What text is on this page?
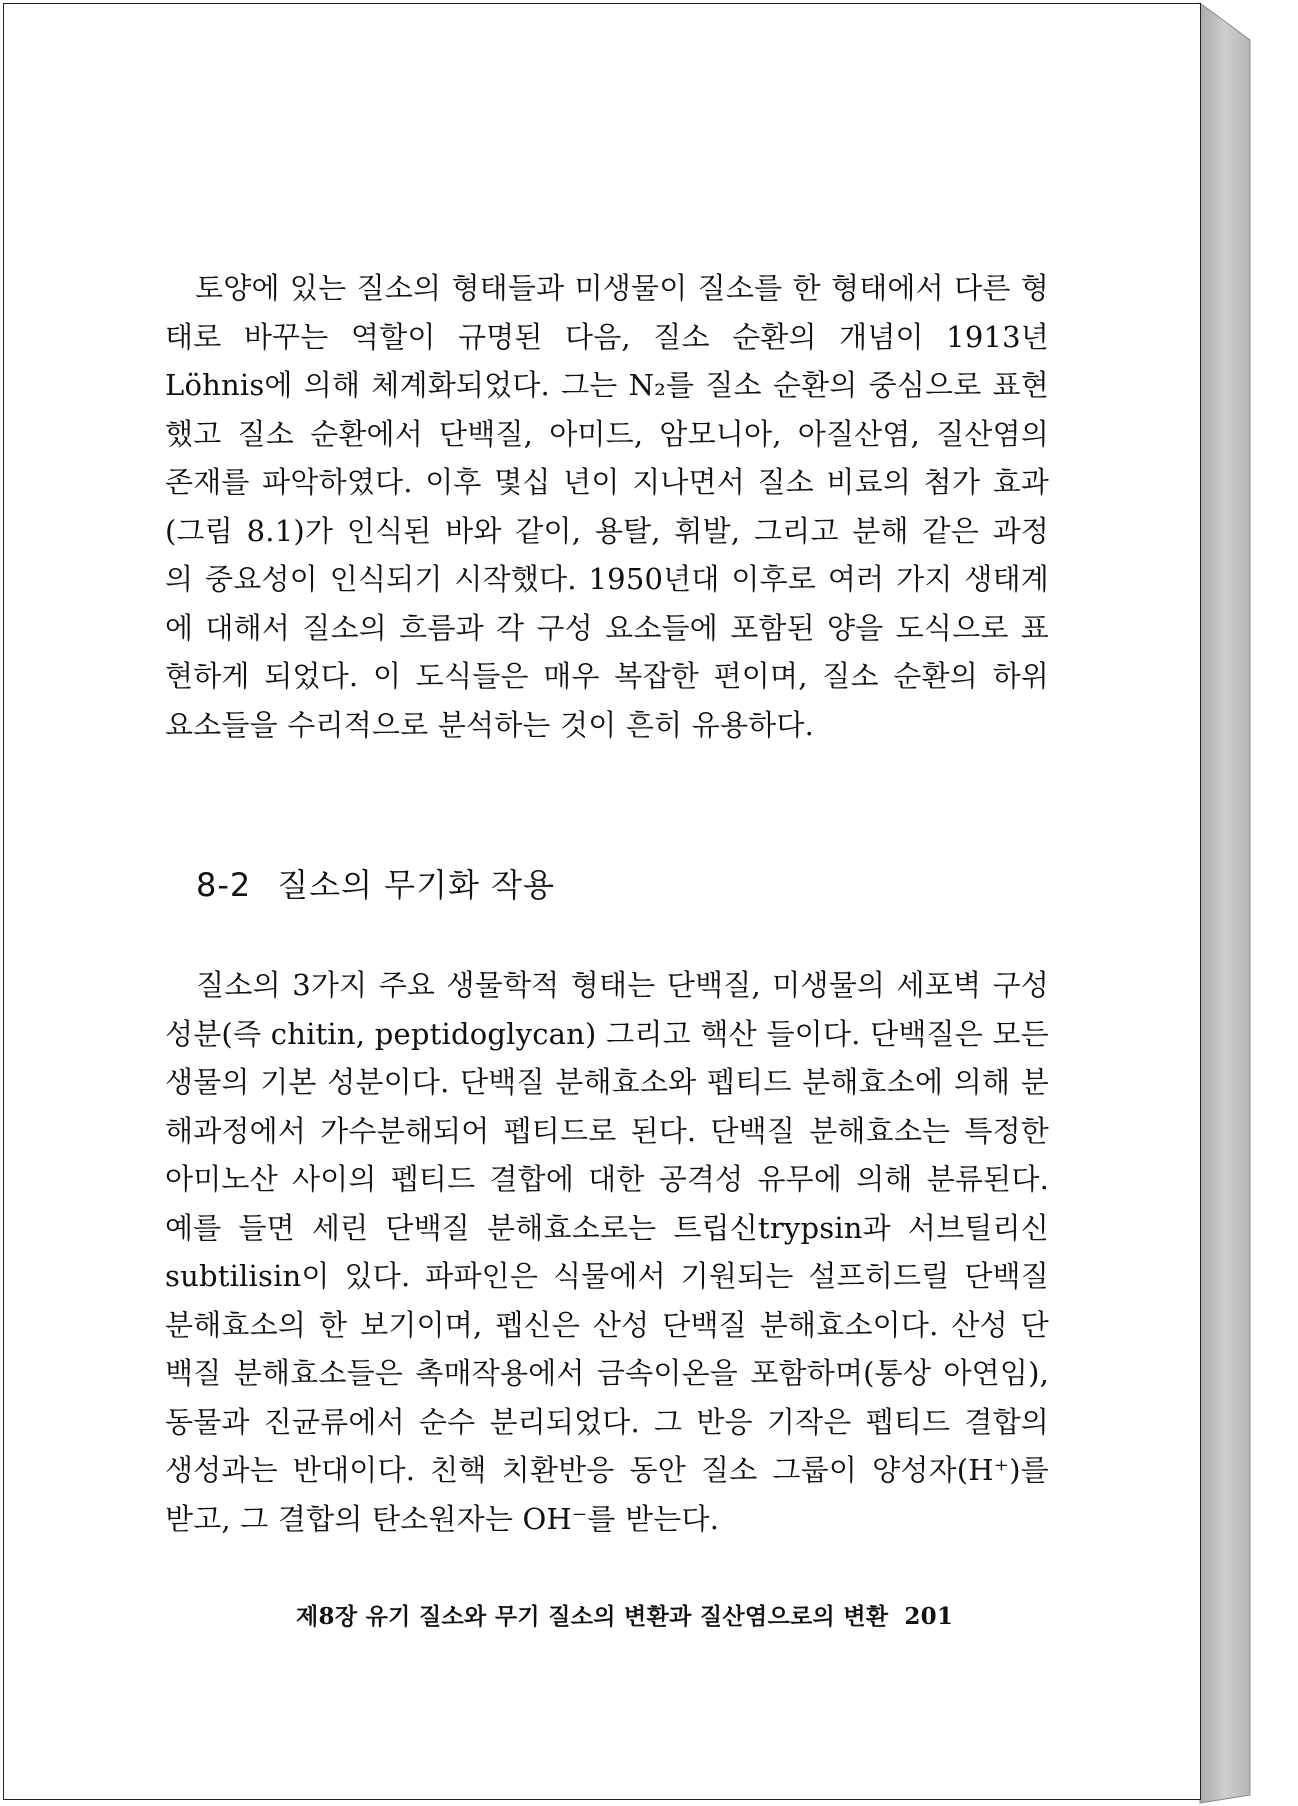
　토양에 있는 질소의 형태들과 미생물이 질소를 한 형태에서 다른 형
태로 바꾸는 역할이 규명된 다음, 질소 순환의 개념이 1913년
Löhnis에 의해 체계화되었다. 그는 N₂를 질소 순환의 중심으로 표현
했고 질소 순환에서 단백질, 아미드, 암모니아, 아질산염, 질산염의
존재를 파악하였다. 이후 몇십 년이 지나면서 질소 비료의 첨가 효과
(그림 8.1)가 인식된 바와 같이, 용탈, 휘발, 그리고 분해 같은 과정
의 중요성이 인식되기 시작했다. 1950년대 이후로 여러 가지 생태계
에 대해서 질소의 흐름과 각 구성 요소들에 포함된 양을 도식으로 표
현하게 되었다. 이 도식들은 매우 복잡한 편이며, 질소 순환의 하위
요소들을 수리적으로 분석하는 것이 흔히 유용하다.

8-2 질소의 무기화 작용

　질소의 3가지 주요 생물학적 형태는 단백질, 미생물의 세포벽 구성
성분(즉 chitin, peptidoglycan) 그리고 핵산 들이다. 단백질은 모든
생물의 기본 성분이다. 단백질 분해효소와 펩티드 분해효소에 의해 분
해과정에서 가수분해되어 펩티드로 된다. 단백질 분해효소는 특정한
아미노산 사이의 펩티드 결합에 대한 공격성 유무에 의해 분류된다.
예를 들면 세린 단백질 분해효소로는 트립신trypsin과 서브틸리신
subtilisin이 있다. 파파인은 식물에서 기원되는 설프히드릴 단백질
분해효소의 한 보기이며, 펩신은 산성 단백질 분해효소이다. 산성 단
백질 분해효소들은 촉매작용에서 금속이온을 포함하며(통상 아연임),
동물과 진균류에서 순수 분리되었다. 그 반응 기작은 펩티드 결합의
생성과는 반대이다. 친핵 치환반응 동안 질소 그룹이 양성자(H⁺)를
받고, 그 결합의 탄소원자는 OH⁻를 받는다.

제8장 유기 질소와 무기 질소의 변환과 질산염으로의 변환 201
